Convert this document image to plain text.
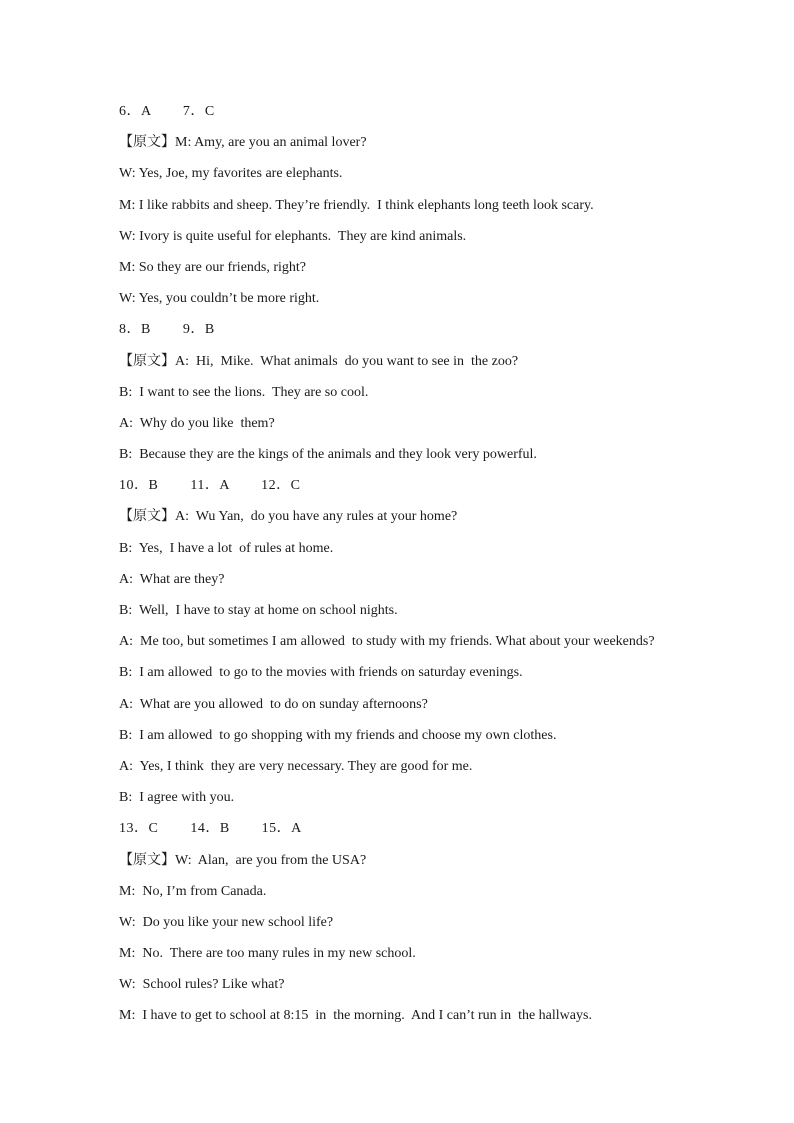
6．A        7．C
【原文】M: Amy, are you an animal lover?
W: Yes, Joe, my favorites are elephants.
M: I like rabbits and sheep. They’re friendly.  I think elephants long teeth look scary.
W: Ivory is quite useful for elephants.  They are kind animals.
M: So they are our friends, right?
W: Yes, you couldn’t be more right.
8．B        9．B
【原文】A:  Hi,  Mike.  What animals  do you want to see in  the zoo?
B:  I want to see the lions.  They are so cool.
A:  Why do you like  them?
B:  Because they are the kings of the animals and they look very powerful.
10．B        11．A        12．C
【原文】A:  Wu Yan,  do you have any rules at your home?
B:  Yes,  I have a lot  of rules at home.
A:  What are they?
B:  Well,  I have to stay at home on school nights.
A:  Me too, but sometimes I am allowed  to study with my friends. What about your weekends?
B:  I am allowed  to go to the movies with friends on saturday evenings.
A:  What are you allowed  to do on sunday afternoons?
B:  I am allowed  to go shopping with my friends and choose my own clothes.
A:  Yes, I think  they are very necessary. They are good for me.
B:  I agree with you.
13．C        14．B        15．A
【原文】W:  Alan,  are you from the USA?
M:  No, I’m from Canada.
W:  Do you like your new school life?
M:  No.  There are too many rules in my new school.
W:  School rules? Like what?
M:  I have to get to school at 8:15  in  the morning.  And I can’t run in  the hallways.
